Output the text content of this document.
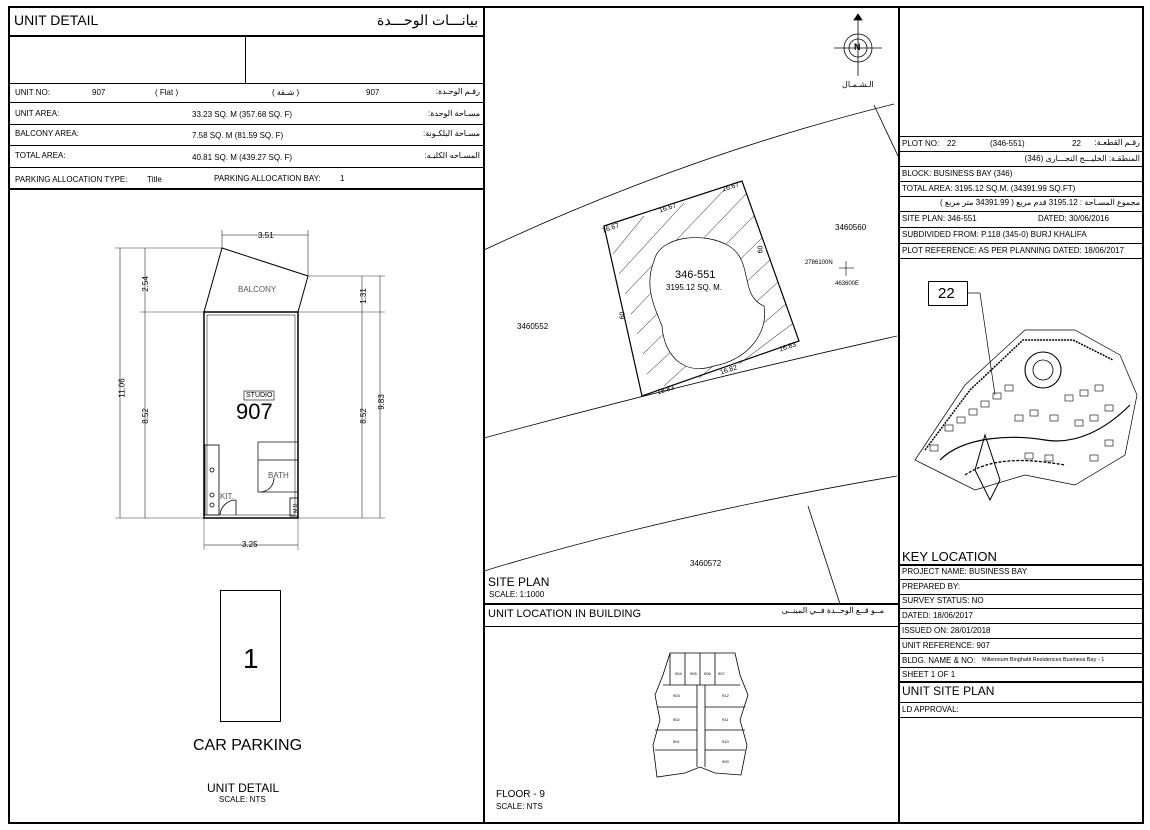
UNIT DETAIL	بيانـــات الوحـــدة
UNIT NO:	907	( Flat )	( شـقة )	907	رقـم الوحـدة:
UNIT AREA:	33.23 SQ. M (357.68 SQ. F)	مسـاحة الوحدة:
BALCONY AREA:	7.58 SQ. M (81.59 SQ. F)	مسـاحة البلكـونة:
TOTAL AREA:	40.81 SQ. M (439.27 SQ. F)	المسـاحه الكليـه:
PARKING ALLOCATION TYPE: Title	PARKING ALLOCATION BAY: 1
3.51
2.54
11.06
8.52
1.31
8.52
9.83
3.25
BALCONY
STUDIO
907
BATH
KIT.
M.D.
1
CAR PARKING
UNIT DETAIL
SCALE: NTS
N
الـشـمـال
346-551
3195.12 SQ. M.
16.67
16.67
16.67
60
60
16.82
18.83
16.83
3460560
3460552
3460572
2786100N
463600E
SITE PLAN
SCALE: 1:1000
UNIT LOCATION IN BUILDING	مــو قــع الوحــدة فــي المبنــى
904 905 906 907
903
902
901
912
911
910
909
FLOOR - 9
SCALE: NTS
PLOT NO: 22	(346-551)	22 رقـم القطعـة:
المنطقـة: الخليـــج التجـــارى (346)
BLOCK: BUSINESS BAY (346)
TOTAL AREA: 3195.12 SQ.M. (34391.99 SQ.FT)
مجموع المسـاحة : 3195.12 قدم مربع ( 34391.99 متر مربع )
SITE PLAN: 346-551	DATED: 30/06/2016
SUBDIVIDED FROM: P.118 (345-0) BURJ KHALIFA
PLOT REFERENCE: AS PER PLANNING DATED: 18/06/2017
22
KEY LOCATION
PROJECT NAME: BUSINESS BAY
PREPARED BY:
SURVEY STATUS: NO
DATED: 18/06/2017
ISSUED ON: 28/01/2018
UNIT REFERENCE: 907
BLDG. NAME & NO: Millennium Binghatti Residences Business Bay - 1
SHEET 1 OF 1
UNIT SITE PLAN
LD APPROVAL:
